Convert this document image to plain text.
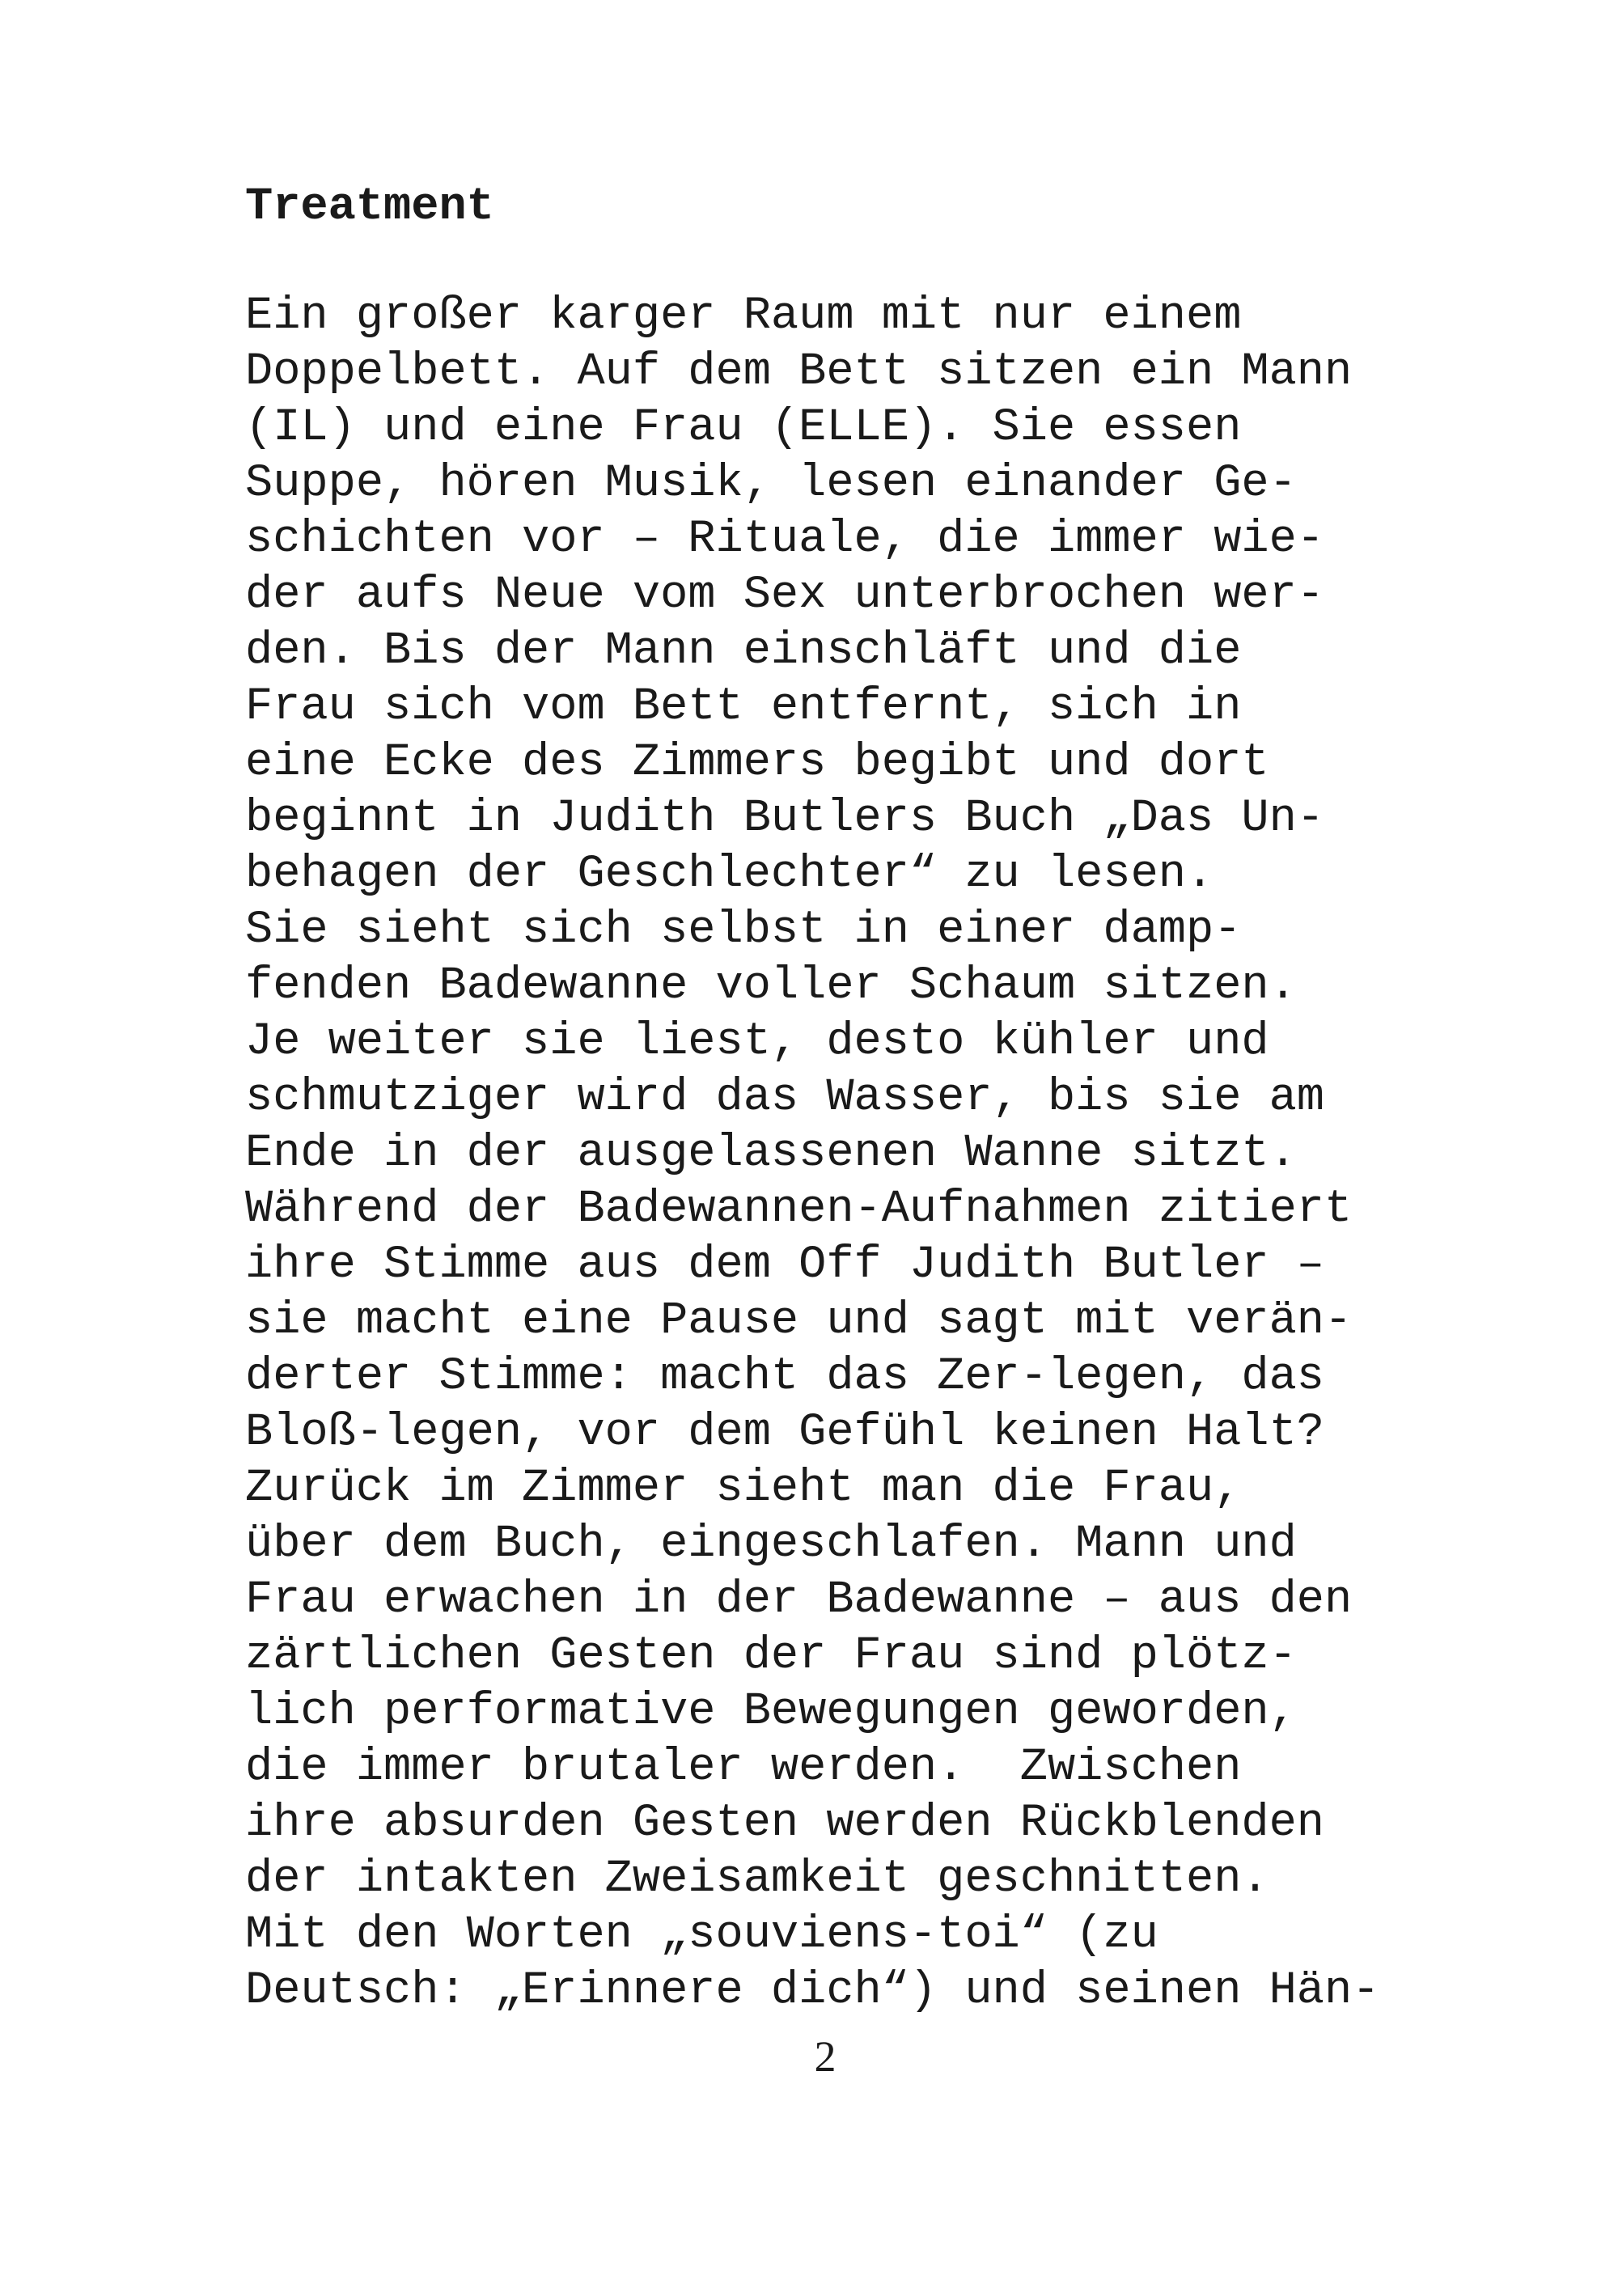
Treatment
Ein großer karger Raum mit nur einem
Doppelbett. Auf dem Bett sitzen ein Mann
(IL) und eine Frau (ELLE). Sie essen
Suppe, hören Musik, lesen einander Ge-
schichten vor – Rituale, die immer wie-
der aufs Neue vom Sex unterbrochen wer-
den. Bis der Mann einschläft und die
Frau sich vom Bett entfernt, sich in
eine Ecke des Zimmers begibt und dort
beginnt in Judith Butlers Buch „Das Un-
behagen der Geschlechter“ zu lesen.
Sie sieht sich selbst in einer damp-
fenden Badewanne voller Schaum sitzen.
Je weiter sie liest, desto kühler und
schmutziger wird das Wasser, bis sie am
Ende in der ausgelassenen Wanne sitzt.
Während der Badewannen-Aufnahmen zitiert
ihre Stimme aus dem Off Judith Butler –
sie macht eine Pause und sagt mit verän-
derter Stimme: macht das Zer-legen, das
Bloß-legen, vor dem Gefühl keinen Halt?
Zurück im Zimmer sieht man die Frau,
über dem Buch, eingeschlafen. Mann und
Frau erwachen in der Badewanne – aus den
zärtlichen Gesten der Frau sind plötz-
lich performative Bewegungen geworden,
die immer brutaler werden.  Zwischen
ihre absurden Gesten werden Rückblenden
der intakten Zweisamkeit geschnitten.
Mit den Worten „souviens-toi“ (zu
Deutsch: „Erinnere dich“) und seinen Hän-
2
